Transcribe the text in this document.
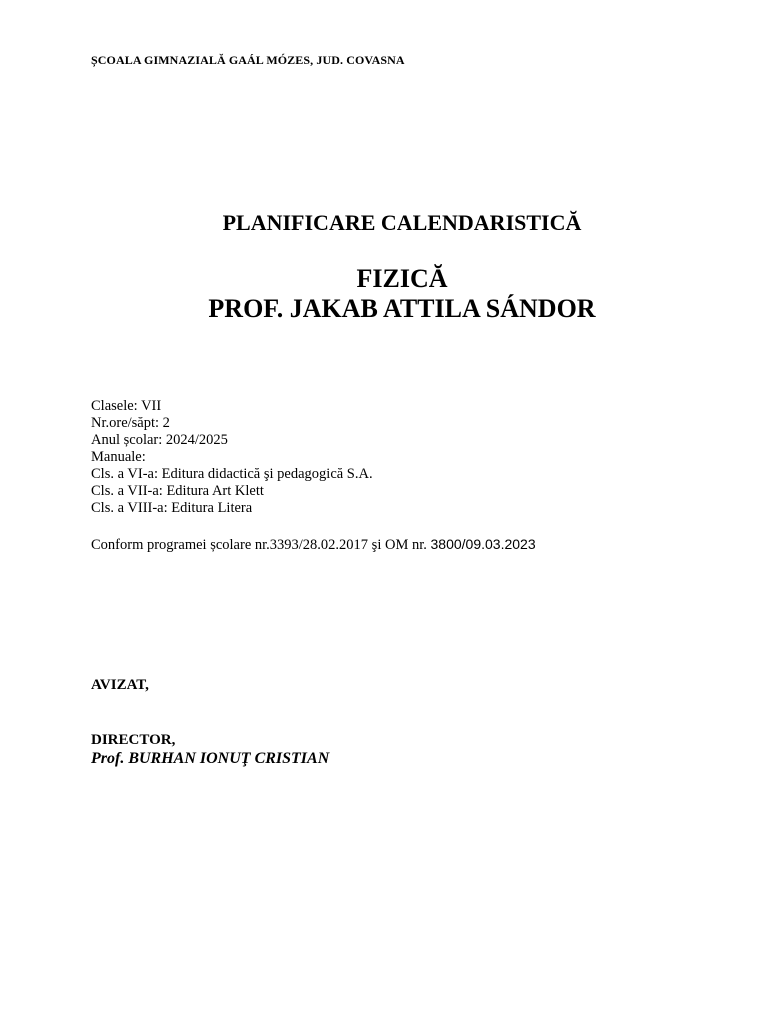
ȘCOALA GIMNAZIALĂ GAÁL MÓZES, JUD. COVASNA
PLANIFICARE CALENDARISTICĂ
FIZICĂ
PROF. JAKAB ATTILA SÁNDOR
Clasele: VII
Nr.ore/săpt: 2
Anul școlar: 2024/2025
Manuale:
Cls. a VI-a: Editura didactică şi pedagogică S.A.
Cls. a VII-a: Editura Art Klett
Cls. a VIII-a: Editura Litera
Conform programei școlare nr.3393/28.02.2017 şi OM nr. 3800/09.03.2023
AVIZAT,
DIRECTOR,
Prof. BURHAN IONUŢ CRISTIAN
